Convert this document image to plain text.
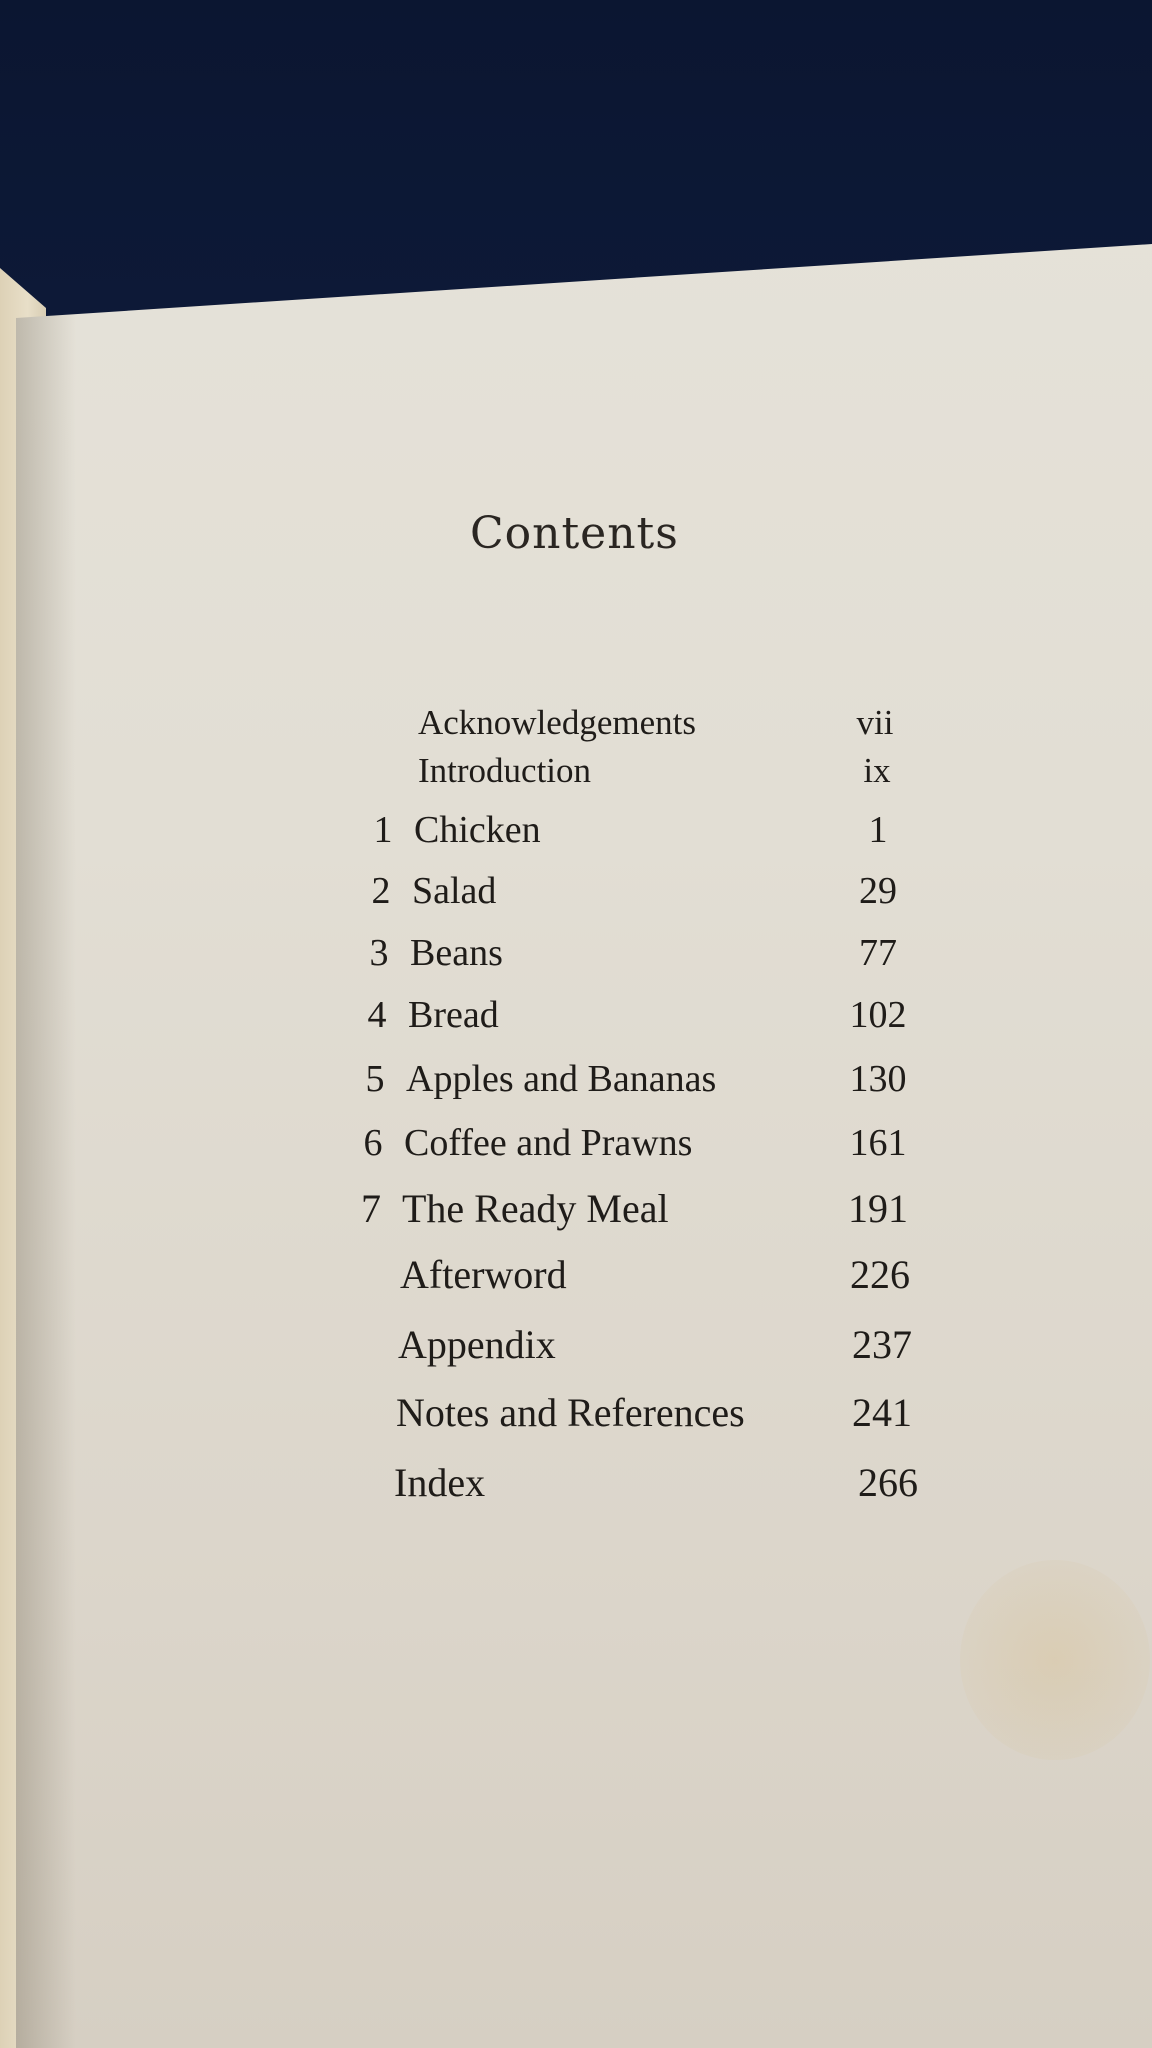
Contents
Acknowledgements	vii
Introduction	ix
1 Chicken	1
2 Salad	29
3 Beans	77
4 Bread	102
5 Apples and Bananas	130
6 Coffee and Prawns	161
7 The Ready Meal	191
Afterword	226
Appendix	237
Notes and References	241
Index	266
